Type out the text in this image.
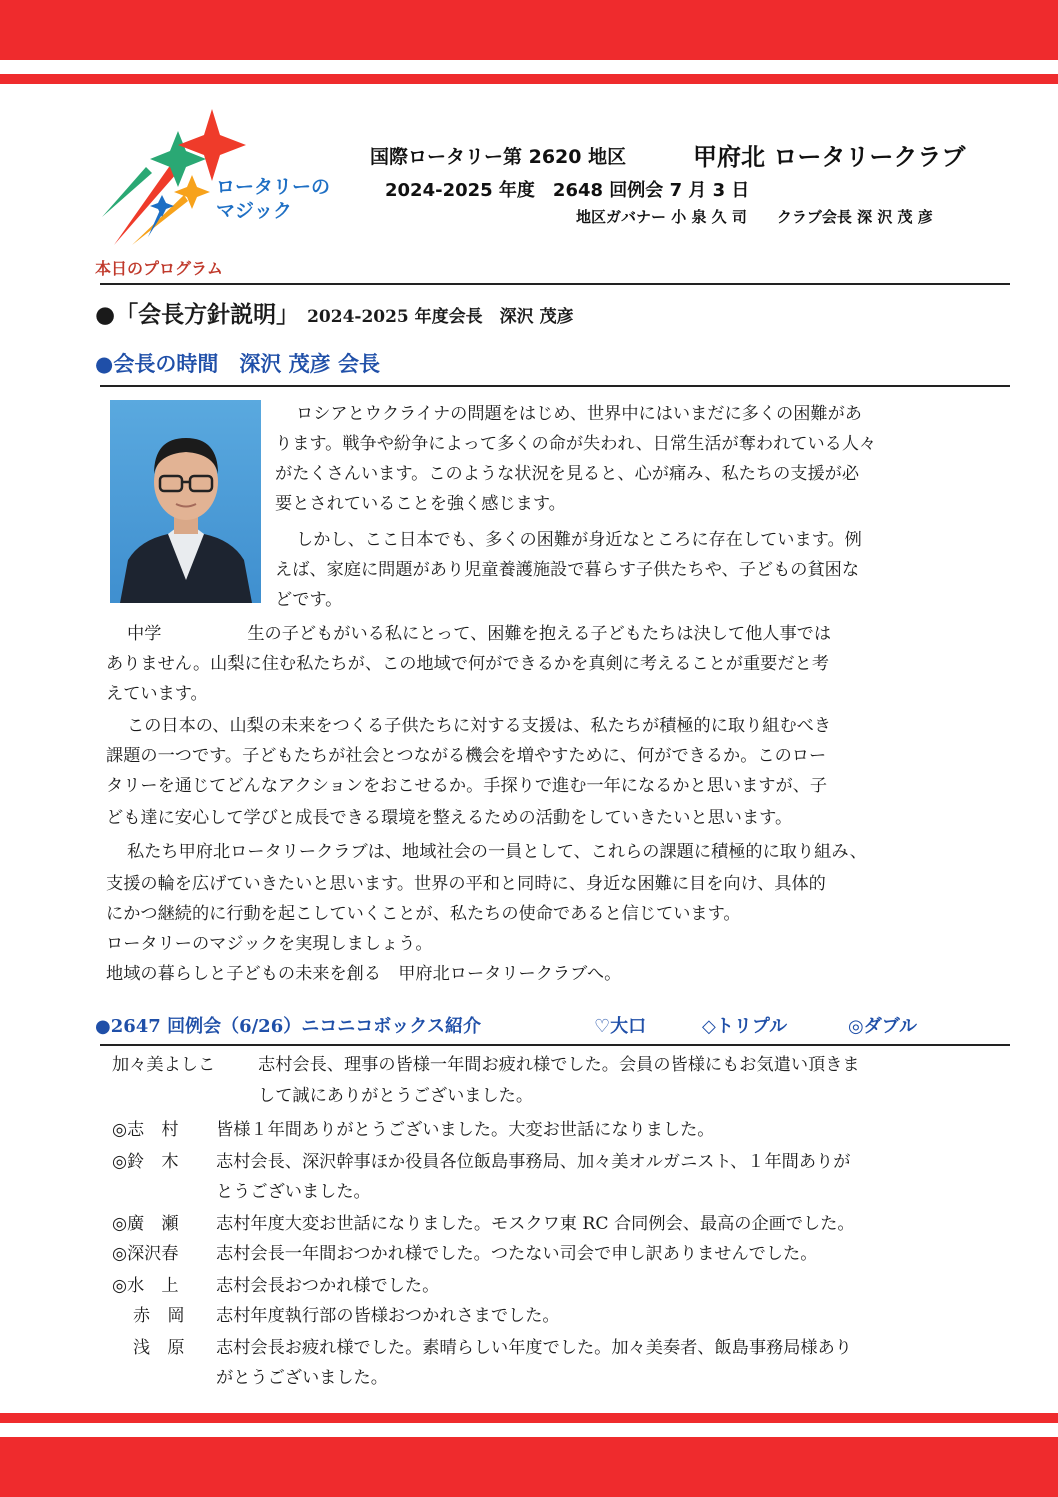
ロータリーの
マジック
国際ロータリー第 2620 地区	甲府北 ロータリークラブ
2024-2025 年度　2648 回例会 7 月 3 日
地区ガバナー 小 泉 久 司　　クラブ会長 深 沢 茂 彦
本日のプログラム
●「会長方針説明」 2024-2025 年度会長　深沢 茂彦
●会長の時間　深沢 茂彦 会長
ロシアとウクライナの問題をはじめ、世界中にはいまだに多くの困難があ
ります。戦争や紛争によって多くの命が失われ、日常生活が奪われている人々
がたくさんいます。このような状況を見ると、心が痛み、私たちの支援が必
要とされていることを強く感じます。
しかし、ここ日本でも、多くの困難が身近なところに存在しています。例
えば、家庭に問題があり児童養護施設で暮らす子供たちや、子どもの貧困な
どです。
中学　　　　　生の子どもがいる私にとって、困難を抱える子どもたちは決して他人事では
ありません。山梨に住む私たちが、この地域で何ができるかを真剣に考えることが重要だと考
えています。
この日本の、山梨の未来をつくる子供たちに対する支援は、私たちが積極的に取り組むべき
課題の一つです。子どもたちが社会とつながる機会を増やすために、何ができるか。このロー
タリーを通じてどんなアクションをおこせるか。手探りで進む一年になるかと思いますが、子
ども達に安心して学びと成長できる環境を整えるための活動をしていきたいと思います。
私たち甲府北ロータリークラブは、地域社会の一員として、これらの課題に積極的に取り組み、
支援の輪を広げていきたいと思います。世界の平和と同時に、身近な困難に目を向け、具体的
にかつ継続的に行動を起こしていくことが、私たちの使命であると信じています。
ロータリーのマジックを実現しましょう。
地域の暮らしと子どもの未来を創る　甲府北ロータリークラブへ。
●2647 回例会（6/26）ニコニコボックス紹介	♡大口	◇トリプル	◎ダブル
加々美よしこ 志村会長、理事の皆様一年間お疲れ様でした。会員の皆様にもお気遣い頂きま
して誠にありがとうございました。
◎志　村 皆様１年間ありがとうございました。大変お世話になりました。
◎鈴　木 志村会長、深沢幹事ほか役員各位飯島事務局、加々美オルガニスト、１年間ありが
とうございました。
◎廣　瀬 志村年度大変お世話になりました。モスクワ東 RC 合同例会、最高の企画でした。
◎深沢春 志村会長一年間おつかれ様でした。つたない司会で申し訳ありませんでした。
◎水　上 志村会長おつかれ様でした。
赤　岡 志村年度執行部の皆様おつかれさまでした。
浅　原 志村会長お疲れ様でした。素晴らしい年度でした。加々美奏者、飯島事務局様あり
がとうございました。
